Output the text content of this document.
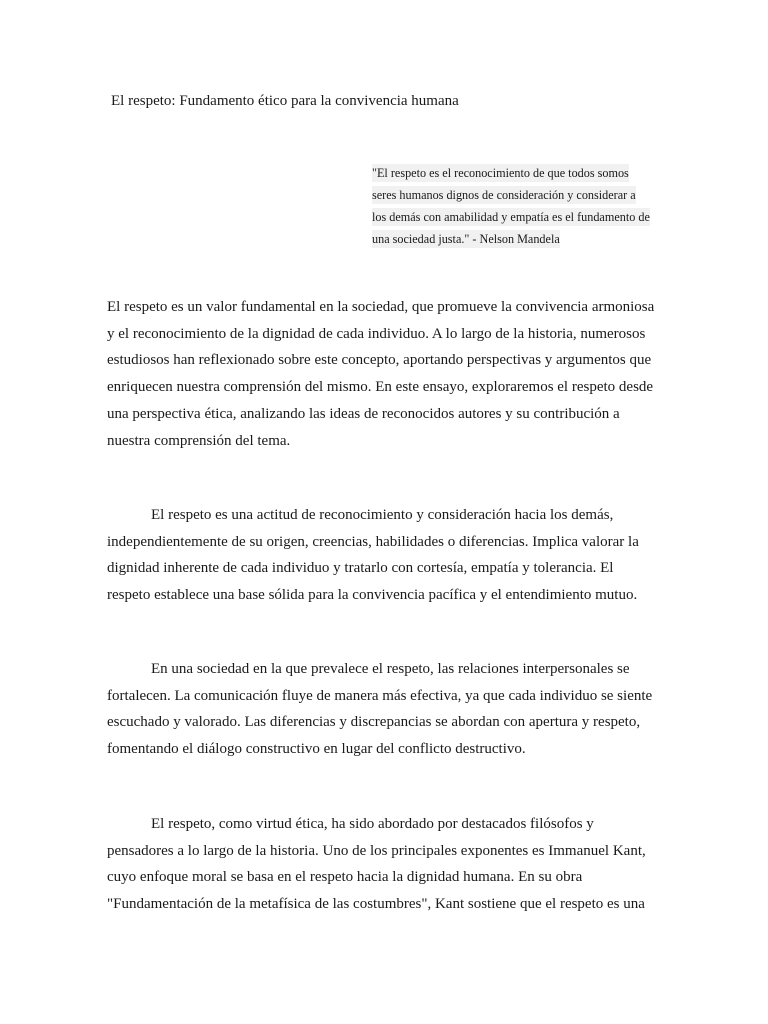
El respeto: Fundamento ético para la convivencia humana

"El respeto es el reconocimiento de que todos somos
seres humanos dignos de consideración y considerar a
los demás con amabilidad y empatía es el fundamento de
una sociedad justa." - Nelson Mandela

El respeto es un valor fundamental en la sociedad, que promueve la convivencia armoniosa
y el reconocimiento de la dignidad de cada individuo. A lo largo de la historia, numerosos
estudiosos han reflexionado sobre este concepto, aportando perspectivas y argumentos que
enriquecen nuestra comprensión del mismo. En este ensayo, exploraremos el respeto desde
una perspectiva ética, analizando las ideas de reconocidos autores y su contribución a
nuestra comprensión del tema.

El respeto es una actitud de reconocimiento y consideración hacia los demás,
independientemente de su origen, creencias, habilidades o diferencias. Implica valorar la
dignidad inherente de cada individuo y tratarlo con cortesía, empatía y tolerancia. El
respeto establece una base sólida para la convivencia pacífica y el entendimiento mutuo.

En una sociedad en la que prevalece el respeto, las relaciones interpersonales se
fortalecen. La comunicación fluye de manera más efectiva, ya que cada individuo se siente
escuchado y valorado. Las diferencias y discrepancias se abordan con apertura y respeto,
fomentando el diálogo constructivo en lugar del conflicto destructivo.

El respeto, como virtud ética, ha sido abordado por destacados filósofos y
pensadores a lo largo de la historia. Uno de los principales exponentes es Immanuel Kant,
cuyo enfoque moral se basa en el respeto hacia la dignidad humana. En su obra
"Fundamentación de la metafísica de las costumbres", Kant sostiene que el respeto es una
